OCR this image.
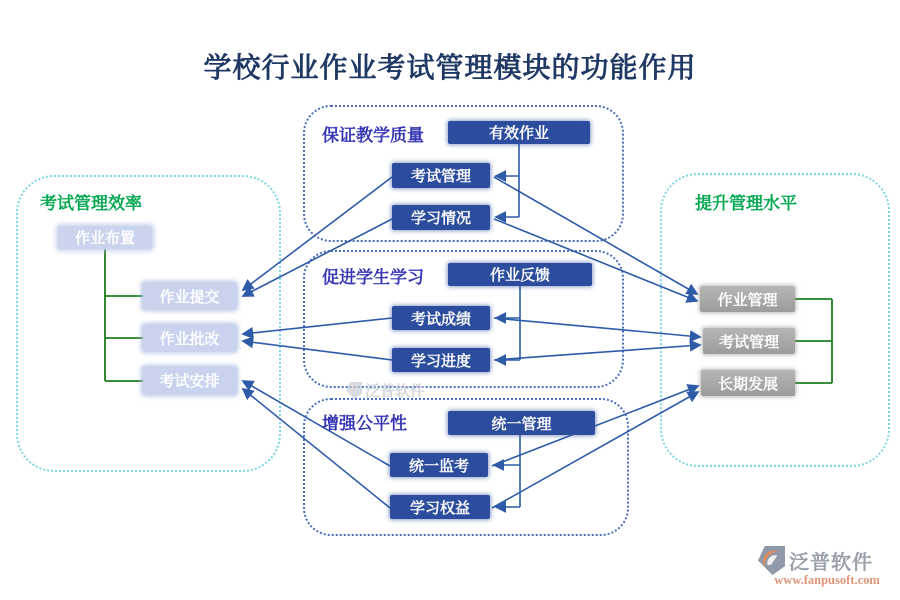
学校行业作业考试管理模块的功能作用
考试管理效率
保证教学质量
促进学生学习
增强公平性
提升管理水平
作业布置
作业提交
作业批改
考试安排
有效作业
考试管理
学习情况
作业反馈
考试成绩
学习进度
统一管理
统一监考
学习权益
作业管理
考试管理
长期发展
泛普软件
泛普软件
www.fanpusoft.com
